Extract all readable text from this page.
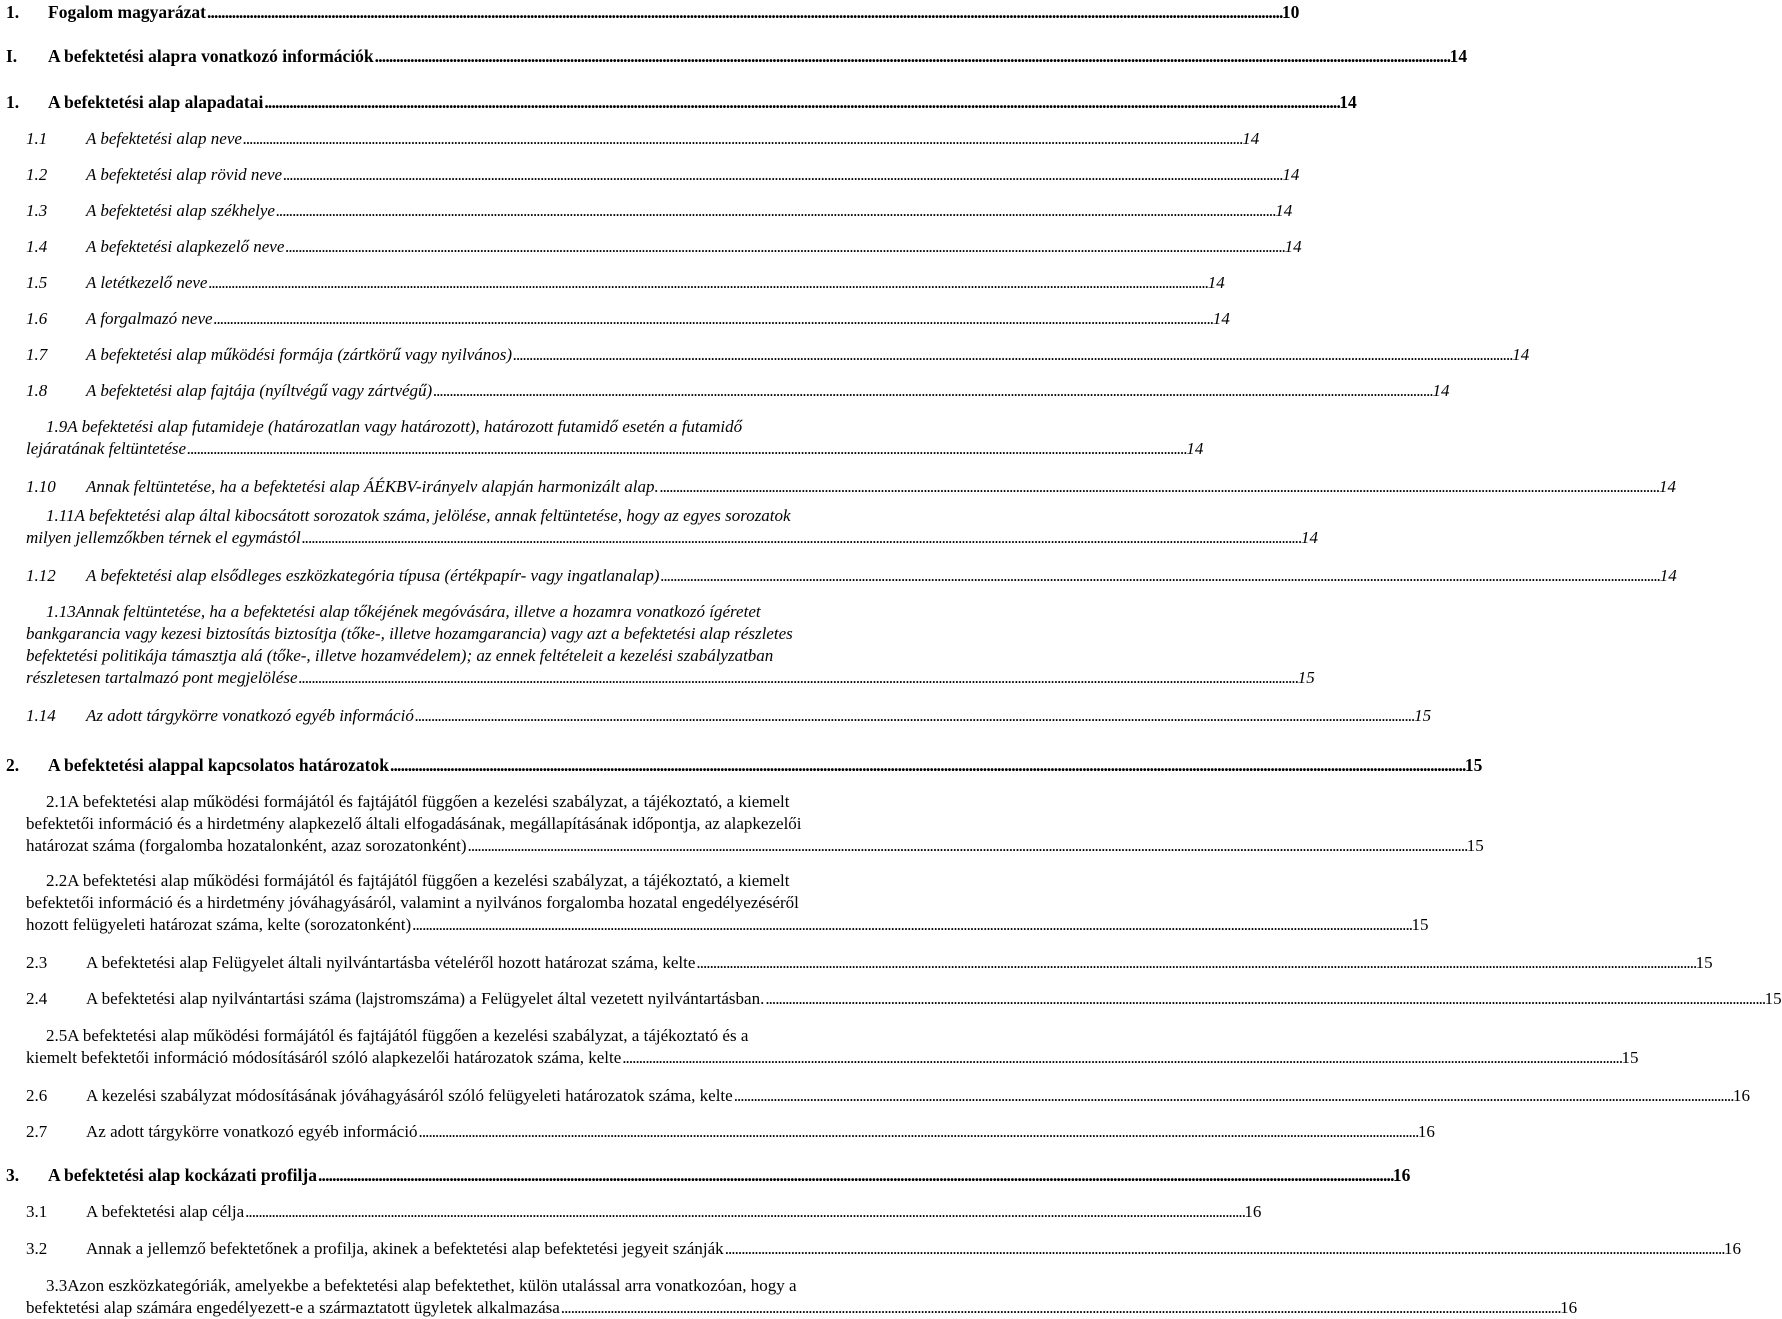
1.	Fogalom magyarázat . . .	10
I.	A befektetési alapra vonatkozó információk . . .	14
1.	A befektetési alap alapadatai . . .	14
1.1	A befektetési alap neve . . .	14
1.2	A befektetési alap rövid neve . . .	14
1.3	A befektetési alap székhelye . . .	14
1.4	A befektetési alapkezelő neve . . .	14
1.5	A letétkezelő neve . . .	14
1.6	A forgalmazó neve . . .	14
1.7	A befektetési alap működési formája (zártkörű vagy nyilvános) . . .	14
1.8	A befektetési alap fajtája (nyíltvégű vagy zártvégű) . . .	14
1.9A befektetési alap futamideje (határozatlan vagy határozott), határozott futamidő esetén a futamidő
lejáratának feltüntetése . . .	14
1.10	Annak feltüntetése, ha a befektetési alap ÁÉKBV-irányelv alapján harmonizált alap. . . .	14
1.11A befektetési alap által kibocsátott sorozatok száma, jelölése, annak feltüntetése, hogy az egyes sorozatok
milyen jellemzőkben térnek el egymástól . . .	14
1.12	A befektetési alap elsődleges eszközkategória típusa (értékpapír- vagy ingatlanalap) . . .	14
1.13Annak feltüntetése, ha a befektetési alap tőkéjének megóvására, illetve a hozamra vonatkozó ígéretet
bankgarancia vagy kezesi biztosítás biztosítja (tőke-, illetve hozamgarancia) vagy azt a befektetési alap részletes
befektetési politikája támasztja alá (tőke-, illetve hozamvédelem); az ennek feltételeit a kezelési szabályzatban
részletesen tartalmazó pont megjelölése . . .	15
1.14	Az adott tárgykörre vonatkozó egyéb információ . . .	15
2.	A befektetési alappal kapcsolatos határozatok . . .	15
2.1A befektetési alap működési formájától és fajtájától függően a kezelési szabályzat, a tájékoztató, a kiemelt
befektetői információ és a hirdetmény alapkezelő általi elfogadásának, megállapításának időpontja, az alapkezelői
határozat száma (forgalomba hozatalonként, azaz sorozatonként) . . .	15
2.2A befektetési alap működési formájától és fajtájától függően a kezelési szabályzat, a tájékoztató, a kiemelt
befektetői információ és a hirdetmény jóváhagyásáról, valamint a nyilvános forgalomba hozatal engedélyezéséről
hozott felügyeleti határozat száma, kelte (sorozatonként) . . .	15
2.3	A befektetési alap Felügyelet általi nyilvántartásba vételéről hozott határozat száma, kelte . . .	15
2.4	A befektetési alap nyilvántartási száma (lajstromszáma) a Felügyelet által vezetett nyilvántartásban. . . .	15
2.5A befektetési alap működési formájától és fajtájától függően a kezelési szabályzat, a tájékoztató és a
kiemelt befektetői információ módosításáról szóló alapkezelői határozatok száma, kelte . . .	15
2.6	A kezelési szabályzat módosításának jóváhagyásáról szóló felügyeleti határozatok száma, kelte . . .	16
2.7	Az adott tárgykörre vonatkozó egyéb információ . . .	16
3.	A befektetési alap kockázati profilja . . .	16
3.1	A befektetési alap célja . . .	16
3.2	Annak a jellemző befektetőnek a profilja, akinek a befektetési alap befektetési jegyeit szánják . . .	16
3.3Azon eszközkategóriák, amelyekbe a befektetési alap befektethet, külön utalással arra vonatkozóan, hogy a
befektetési alap számára engedélyezett-e a származtatott ügyletek alkalmazása . . .	16
